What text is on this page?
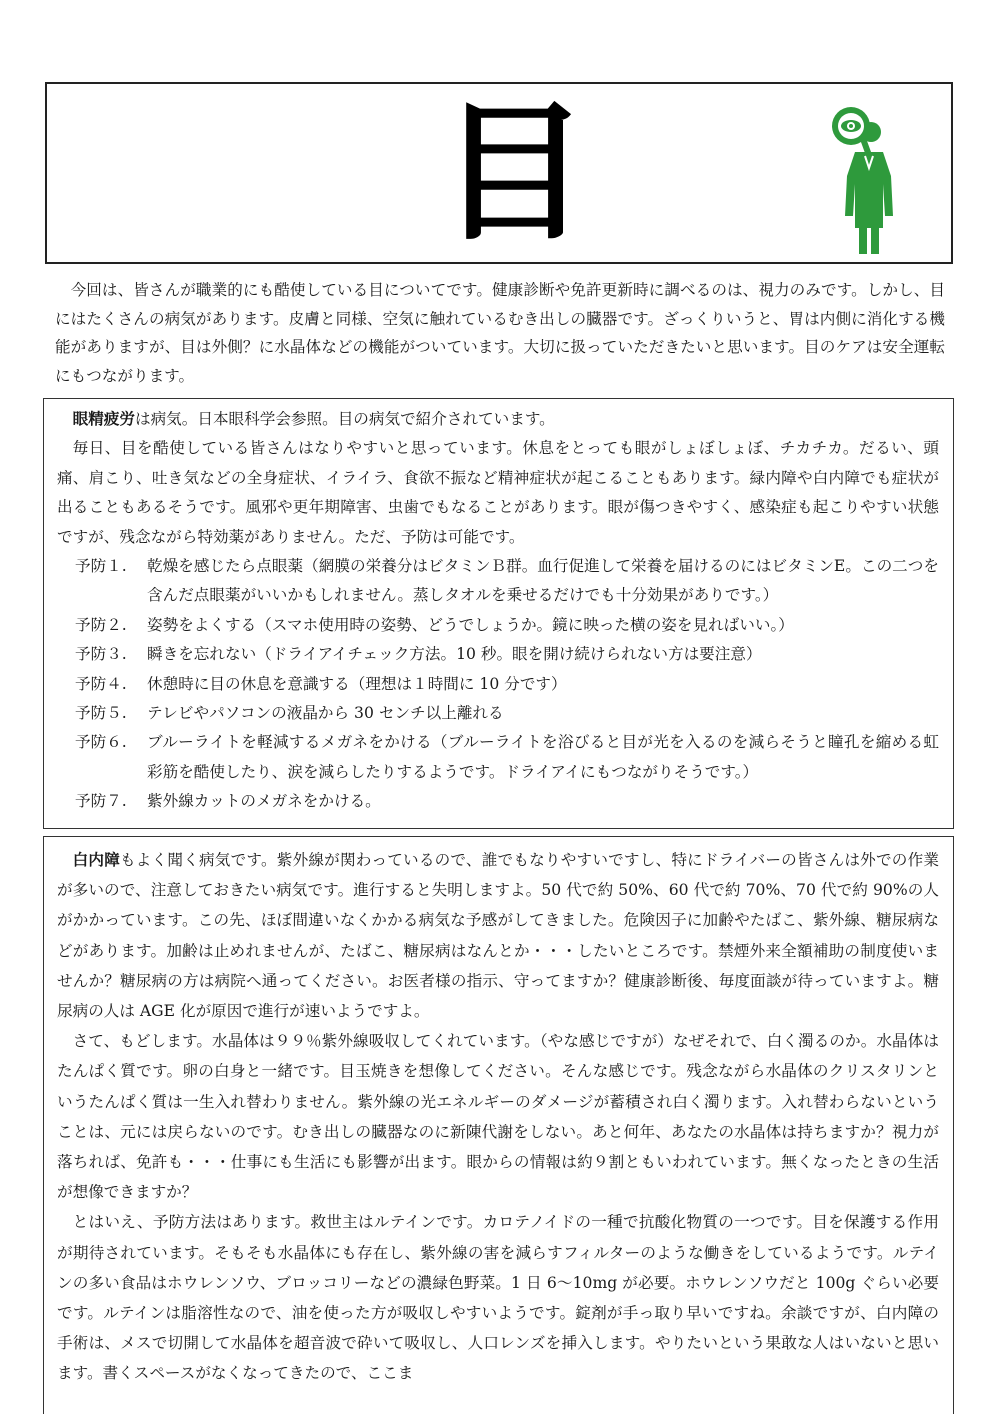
目

今回は、皆さんが職業的にも酷使している目についてです。健康診断や免許更新時に調べるのは、視力のみです。しかし、目にはたくさんの病気があります。皮膚と同様、空気に触れているむき出しの臓器です。ざっくりいうと、胃は内側に消化する機能がありますが、目は外側？に水晶体などの機能がついています。大切に扱っていただきたいと思います。目のケアは安全運転にもつながります。

眼精疲労は病気。日本眼科学会参照。目の病気で紹介されています。

毎日、目を酷使している皆さんはなりやすいと思っています。休息をとっても眼がしょぼしょぼ、チカチカ。だるい、頭痛、肩こり、吐き気などの全身症状、イライラ、食欲不振など精神症状が起こることもあります。緑内障や白内障でも症状が出ることもあるそうです。風邪や更年期障害、虫歯でもなることがあります。眼が傷つきやすく、感染症も起こりやすい状態ですが、残念ながら特効薬がありません。ただ、予防は可能です。

予防１.	乾燥を感じたら点眼薬（網膜の栄養分はビタミンＢ群。血行促進して栄養を届けるのにはビタミンE。この二つを含んだ点眼薬がいいかもしれません。蒸しタオルを乗せるだけでも十分効果がありです。）
予防２.	姿勢をよくする（スマホ使用時の姿勢、どうでしょうか。鏡に映った横の姿を見ればいい。）
予防３.	瞬きを忘れない（ドライアイチェック方法。10 秒。眼を開け続けられない方は要注意）
予防４.	休憩時に目の休息を意識する（理想は１時間に 10 分です）
予防５.	テレビやパソコンの液晶から 30 センチ以上離れる
予防６.	ブルーライトを軽減するメガネをかける（ブルーライトを浴びると目が光を入るのを減らそうと瞳孔を縮める虹彩筋を酷使したり、涙を減らしたりするようです。ドライアイにもつながりそうです。）
予防７.	紫外線カットのメガネをかける。

白内障もよく聞く病気です。紫外線が関わっているので、誰でもなりやすいですし、特にドライバーの皆さんは外での作業が多いので、注意しておきたい病気です。進行すると失明しますよ。50 代で約 50%、60 代で約 70%、70 代で約 90%の人がかかっています。この先、ほぼ間違いなくかかる病気な予感がしてきました。危険因子に加齢やたばこ、紫外線、糖尿病などがあります。加齢は止めれませんが、たばこ、糖尿病はなんとか・・・したいところです。禁煙外来全額補助の制度使いませんか？糖尿病の方は病院へ通ってください。お医者様の指示、守ってますか？健康診断後、毎度面談が待っていますよ。糖尿病の人は AGE 化が原因で進行が速いようですよ。

さて、もどします。水晶体は９９％紫外線吸収してくれています。（やな感じですが）なぜそれで、白く濁るのか。水晶体はたんぱく質です。卵の白身と一緒です。目玉焼きを想像してください。そんな感じです。残念ながら水晶体のクリスタリンというたんぱく質は一生入れ替わりません。紫外線の光エネルギーのダメージが蓄積され白く濁ります。入れ替わらないということは、元には戻らないのです。むき出しの臓器なのに新陳代謝をしない。あと何年、あなたの水晶体は持ちますか？視力が落ちれば、免許も・・・仕事にも生活にも影響が出ます。眼からの情報は約９割ともいわれています。無くなったときの生活が想像できますか？

とはいえ、予防方法はあります。救世主はルテインです。カロテノイドの一種で抗酸化物質の一つです。目を保護する作用が期待されています。そもそも水晶体にも存在し、紫外線の害を減らすフィルターのような働きをしているようです。ルテインの多い食品はホウレンソウ、ブロッコリーなどの濃緑色野菜。1 日 6～10mg が必要。ホウレンソウだと 100g ぐらい必要です。ルテインは脂溶性なので、油を使った方が吸収しやすいようです。錠剤が手っ取り早いですね。余談ですが、白内障の手術は、メスで切開して水晶体を超音波で砕いて吸収し、人口レンズを挿入します。やりたいという果敢な人はいないと思います。書くスペースがなくなってきたので、ここま
